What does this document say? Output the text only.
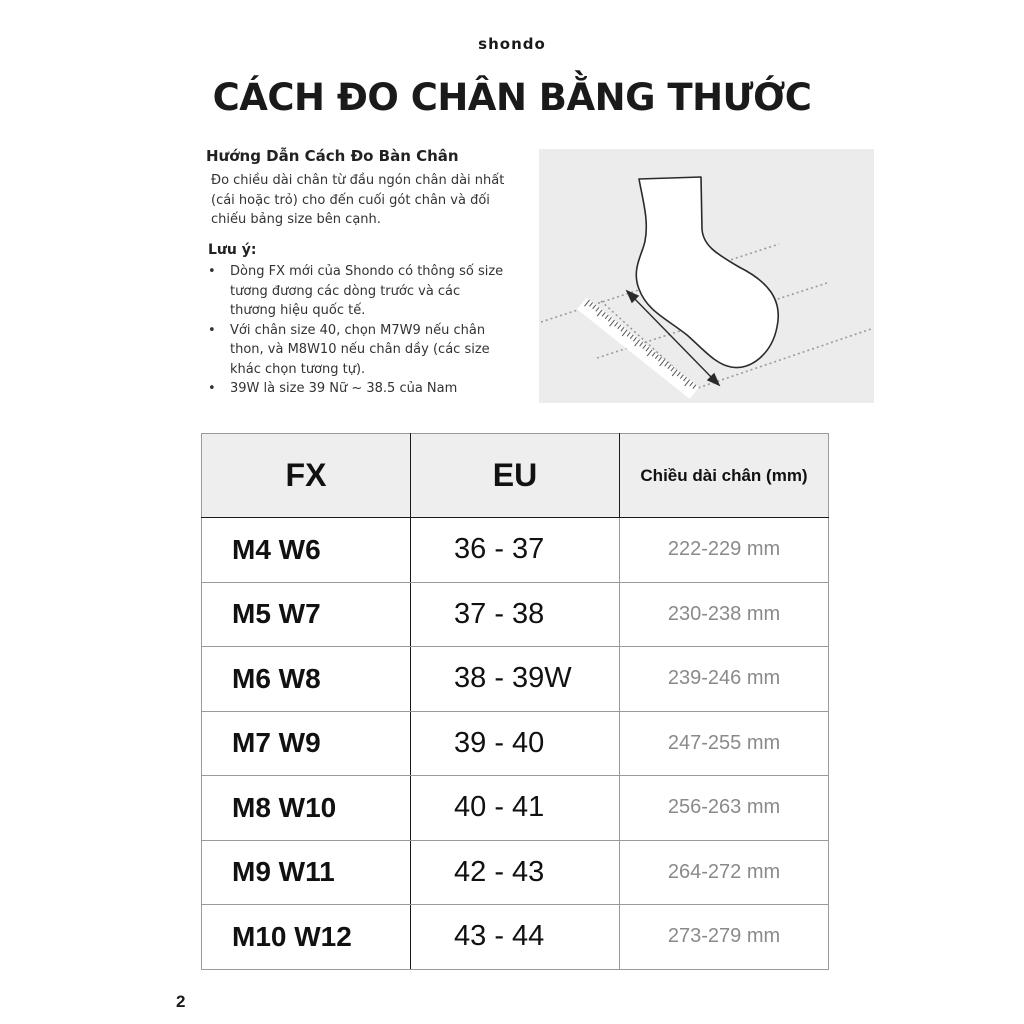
shondo
CÁCH ĐO CHÂN BẰNG THƯỚC
Hướng Dẫn Cách Đo Bàn Chân
Đo chiều dài chân từ đầu ngón chân dài nhất
(cái hoặc trỏ) cho đến cuối gót chân và đối
chiếu bảng size bên cạnh.
Lưu ý:
• Dòng FX mới của Shondo có thông số size
tương đương các dòng trước và các
thương hiệu quốc tế.
• Với chân size 40, chọn M7W9 nếu chân
thon, và M8W10 nếu chân dầy (các size
khác chọn tương tự).
• 39W là size 39 Nữ ~ 38.5 của Nam
FX	EU	Chiều dài chân (mm)
M4 W6	36 - 37	222-229 mm
M5 W7	37 - 38	230-238 mm
M6 W8	38 - 39W	239-246 mm
M7 W9	39 - 40	247-255 mm
M8 W10	40 - 41	256-263 mm
M9 W11	42 - 43	264-272 mm
M10 W12	43 - 44	273-279 mm
2
